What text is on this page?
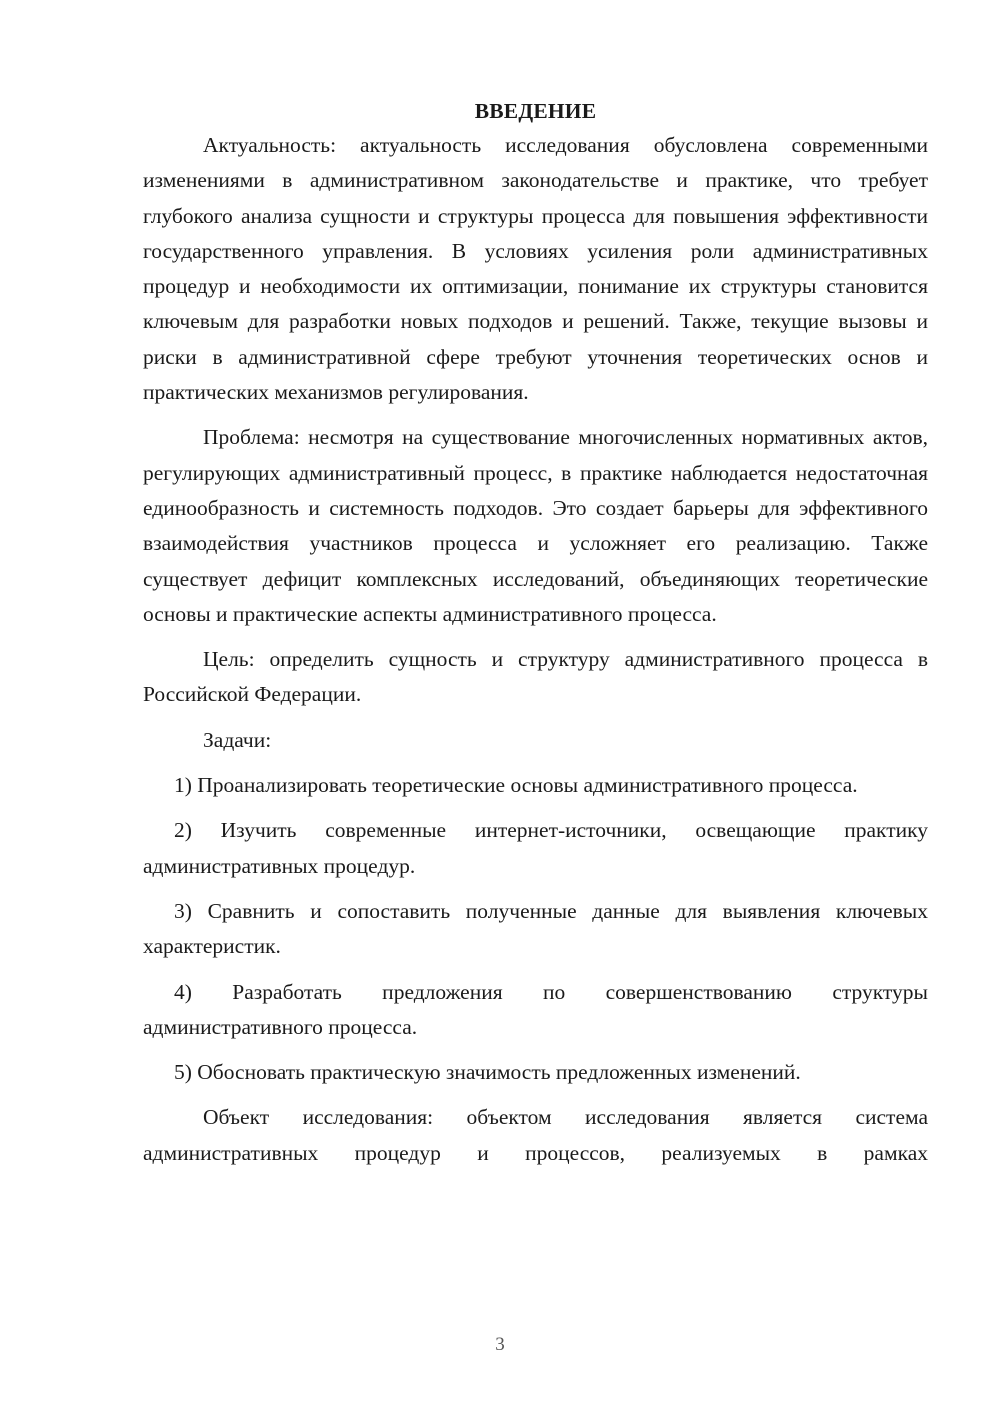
ВВЕДЕНИЕ

Актуальность: актуальность исследования обусловлена современными изменениями в административном законодательстве и практике, что требует глубокого анализа сущности и структуры процесса для повышения эффективности государственного управления. В условиях усиления роли административных процедур и необходимости их оптимизации, понимание их структуры становится ключевым для разработки новых подходов и решений. Также, текущие вызовы и риски в административной сфере требуют уточнения теоретических основ и практических механизмов регулирования.

Проблема: несмотря на существование многочисленных нормативных актов, регулирующих административный процесс, в практике наблюдается недостаточная единообразность и системность подходов. Это создает барьеры для эффективного взаимодействия участников процесса и усложняет его реализацию. Также существует дефицит комплексных исследований, объединяющих теоретические основы и практические аспекты административного процесса.

Цель: определить сущность и структуру административного процесса в Российской Федерации.

Задачи:

1) Проанализировать теоретические основы административного процесса.

2) Изучить современные интернет-источники, освещающие практику административных процедур.

3) Сравнить и сопоставить полученные данные для выявления ключевых характеристик.

4) Разработать предложения по совершенствованию структуры административного процесса.

5) Обосновать практическую значимость предложенных изменений.

Объект исследования: объектом исследования является система административных процедур и процессов, реализуемых в рамках

3
